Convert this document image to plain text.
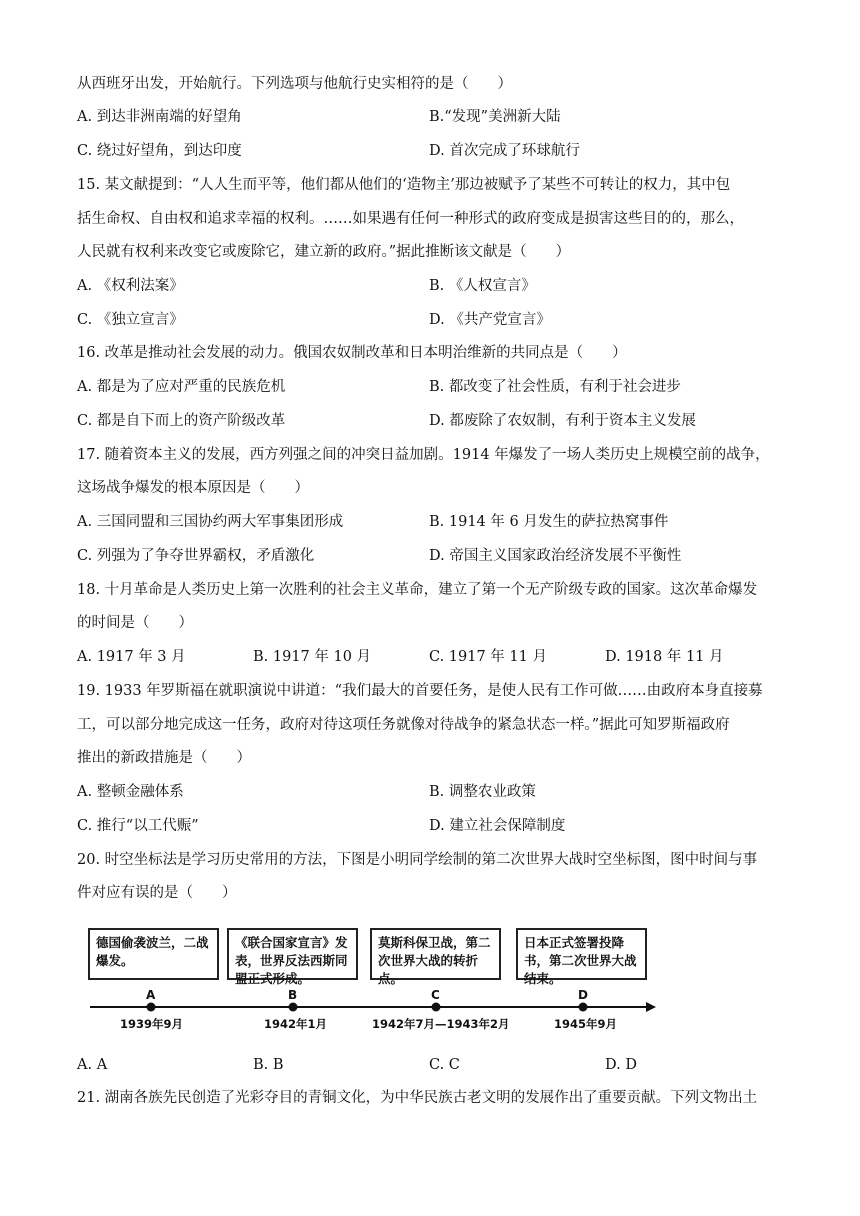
从西班牙出发，开始航行。下列选项与他航行史实相符的是（　　）
A. 到达非洲南端的好望角	B.“发现”美洲新大陆
C. 绕过好望角，到达印度	D. 首次完成了环球航行
15. 某文献提到：“人人生而平等，他们都从他们的‘造物主’那边被赋予了某些不可转让的权力，其中包
括生命权、自由权和追求幸福的权利。……如果遇有任何一种形式的政府变成是损害这些目的的，那么，
人民就有权利来改变它或废除它，建立新的政府。”据此推断该文献是（　　）
A. 《权利法案》	B. 《人权宣言》
C. 《独立宣言》	D. 《共产党宣言》
16. 改革是推动社会发展的动力。俄国农奴制改革和日本明治维新的共同点是（　　）
A. 都是为了应对严重的民族危机	B. 都改变了社会性质，有利于社会进步
C. 都是自下而上的资产阶级改革	D. 都废除了农奴制，有利于资本主义发展
17. 随着资本主义的发展，西方列强之间的冲突日益加剧。1914 年爆发了一场人类历史上规模空前的战争，
这场战争爆发的根本原因是（　　）
A. 三国同盟和三国协约两大军事集团形成	B. 1914 年 6 月发生的萨拉热窝事件
C. 列强为了争夺世界霸权，矛盾激化	D. 帝国主义国家政治经济发展不平衡性
18. 十月革命是人类历史上第一次胜利的社会主义革命，建立了第一个无产阶级专政的国家。这次革命爆发
的时间是（　　）
A. 1917 年 3 月	B. 1917 年 10 月	C. 1917 年 11 月	D. 1918 年 11 月
19. 1933 年罗斯福在就职演说中讲道：“我们最大的首要任务，是使人民有工作可做……由政府本身直接募
工，可以部分地完成这一任务，政府对待这项任务就像对待战争的紧急状态一样。”据此可知罗斯福政府
推出的新政措施是（　　）
A. 整顿金融体系	B. 调整农业政策
C. 推行“以工代赈”	D. 建立社会保障制度
20. 时空坐标法是学习历史常用的方法，下图是小明同学绘制的第二次世界大战时空坐标图，图中时间与事
件对应有误的是（　　）
德国偷袭波兰，二战爆发。
《联合国家宣言》发表，世界反法西斯同盟正式形成。
莫斯科保卫战，第二次世界大战的转折点。
日本正式签署投降书，第二次世界大战结束。
A	B	C	D
1939年9月	1942年1月	1942年7月—1943年2月	1945年9月
A. A	B. B	C. C	D. D
21. 湖南各族先民创造了光彩夺目的青铜文化，为中华民族古老文明的发展作出了重要贡献。下列文物出土
